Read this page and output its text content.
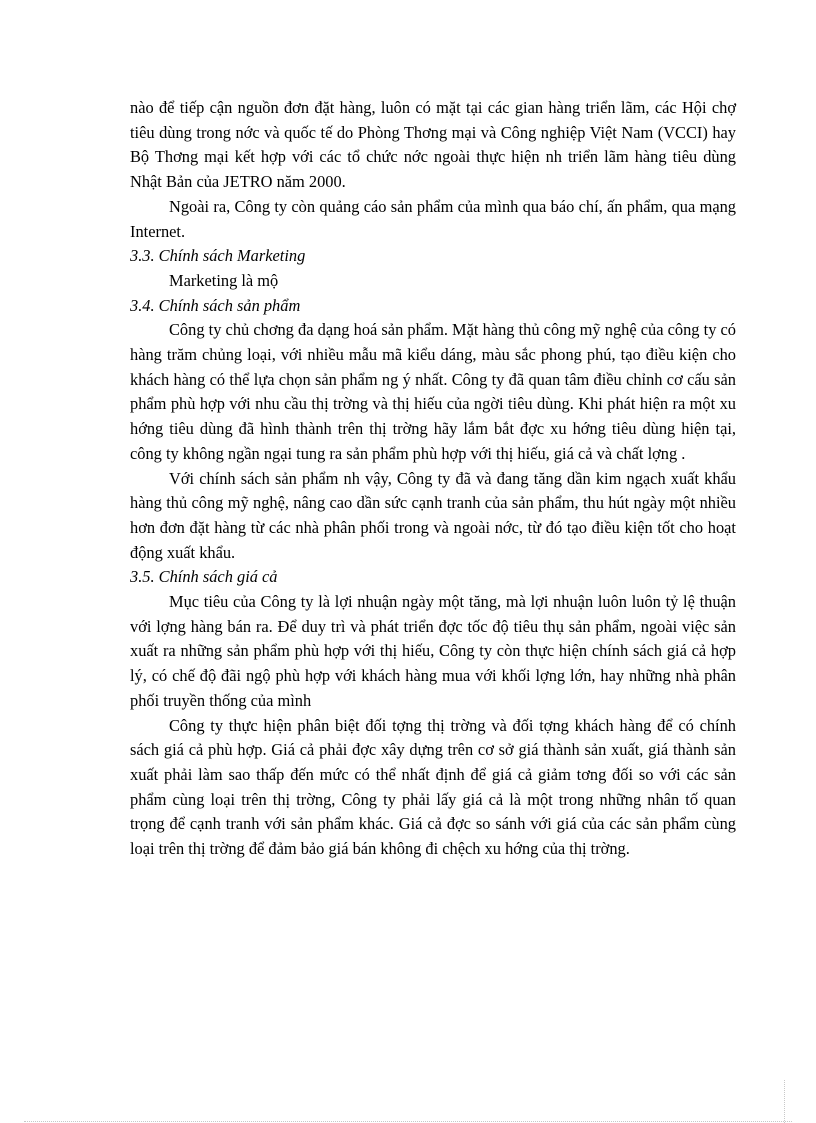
nào để tiếp cận nguồn đơn đặt hàng, luôn có mặt tại các gian hàng triển lãm, các Hội chợ tiêu dùng trong nớc và quốc tế do Phòng Thơng mại và Công nghiệp Việt Nam (VCCI) hay Bộ Thơng mại kết hợp với các tổ chức nớc ngoài thực hiện nh triển lãm hàng tiêu dùng Nhật Bản của JETRO năm 2000.

Ngoài ra, Công ty còn quảng cáo sản phẩm của mình qua báo chí, ấn phẩm, qua mạng Internet.

3.3. Chính sách Marketing

Marketing là mộ

3.4. Chính sách sản phẩm

Công ty chủ chơng đa dạng hoá sản phẩm. Mặt hàng thủ công mỹ nghệ của công ty có hàng trăm chủng loại, với nhiều mẫu mã kiểu dáng, màu sắc phong phú, tạo điều kiện cho khách hàng có thể lựa chọn sản phẩm ng ý nhất. Công ty đã quan tâm điều chỉnh cơ cấu sản phẩm phù hợp với nhu cầu thị trờng và thị hiếu của ngời tiêu dùng. Khi phát hiện ra một xu hớng tiêu dùng đã hình thành trên thị trờng hãy lắm bắt đợc xu hớng tiêu dùng hiện tại, công ty không ngần ngại tung ra sản phẩm phù hợp với thị hiếu, giá cả và chất lợng .

Với chính sách sản phẩm nh vậy, Công ty đã và đang tăng dần kim ngạch xuất khẩu hàng thủ công mỹ nghệ, nâng cao dần sức cạnh tranh của sản phẩm, thu hút ngày một nhiều hơn đơn đặt hàng từ các nhà phân phối trong và ngoài nớc, từ đó tạo điều kiện tốt cho hoạt động xuất khẩu.

3.5. Chính sách giá cả

Mục tiêu của Công ty là lợi nhuận ngày một tăng, mà lợi nhuận luôn luôn tỷ lệ thuận với lợng hàng bán ra. Để duy trì và phát triển đợc tốc độ tiêu thụ sản phẩm, ngoài việc sản xuất ra những sản phẩm phù hợp với thị hiếu, Công ty còn thực hiện chính sách giá cả hợp lý, có chế độ đãi ngộ phù hợp với khách hàng mua với khối lợng lớn, hay những nhà phân phối truyền thống của mình

Công ty thực hiện phân biệt đối tợng thị trờng và đối tợng khách hàng để có chính sách giá cả phù hợp. Giá cả phải đợc xây dựng trên cơ sở giá thành sản xuất, giá thành sản xuất phải làm sao thấp đến mức có thể nhất định để giá cả giảm tơng đối so với các sản phẩm cùng loại trên thị trờng, Công ty phải lấy giá cả là một trong những nhân tố quan trọng để cạnh tranh với sản phẩm khác. Giá cả đợc so sánh với giá của các sản phẩm cùng loại trên thị trờng để đảm bảo giá bán không đi chệch xu hớng của thị trờng.
